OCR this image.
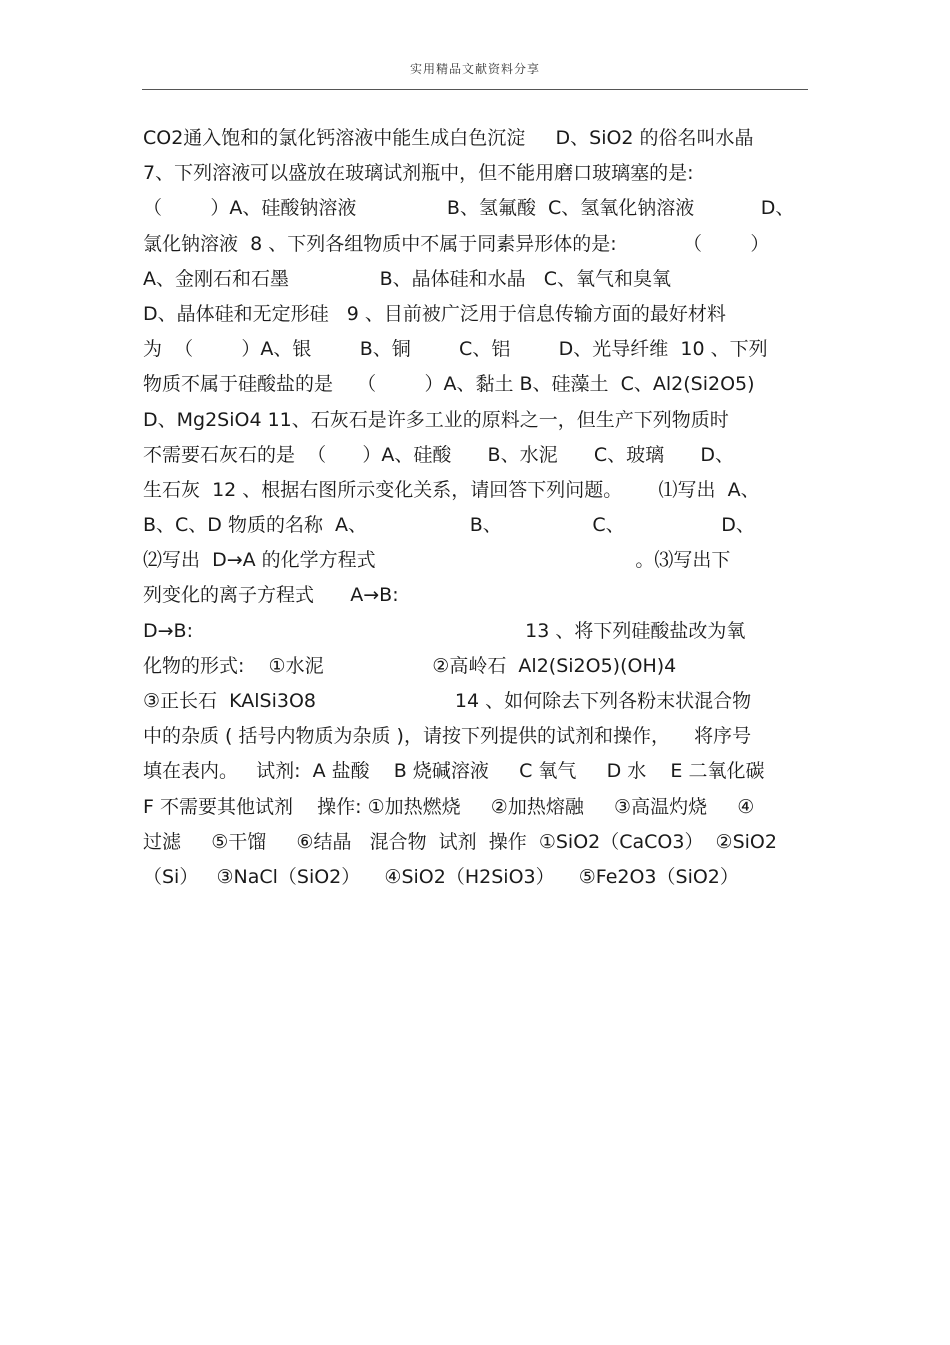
实用精品文献资料分享
CO2通入饱和的氯化钙溶液中能生成白色沉淀     D、SiO2 的俗名叫水晶
7、下列溶液可以盛放在玻璃试剂瓶中，但不能用磨口玻璃塞的是:
（        ）A、硅酸钠溶液               B、氢氟酸  C、氢氧化钠溶液           D、
氯化钠溶液  8 、下列各组物质中不属于同素异形体的是:           （        ）
A、金刚石和石墨               B、晶体硅和水晶   C、氧气和臭氧
D、晶体硅和无定形硅   9 、目前被广泛用于信息传输方面的最好材料
为  （        ）A、银        B、铜        C、铝        D、光导纤维  10 、下列
物质不属于硅酸盐的是    （        ）A、黏土 B、硅藻土  C、Al2(Si2O5)
D、Mg2SiO4 11、石灰石是许多工业的原料之一，但生产下列物质时
不需要石灰石的是  （      ）A、硅酸      B、水泥      C、玻璃      D、
生石灰  12 、根据右图所示变化关系，请回答下列问题。      ⑴写出  A、
B、C、D 物质的名称  A、                 B、               C、                D、
⑵写出  D→A 的化学方程式                                           。⑶写出下
列变化的离子方程式      A→B:
D→B:                                                       13 、将下列硅酸盐改为氧
化物的形式:    ①水泥                  ②高岭石  Al2(Si2O5)(OH)4
③正长石  KAlSi3O8                       14 、如何除去下列各粉末状混合物
中的杂质 ( 括号内物质为杂质 )，请按下列提供的试剂和操作，    将序号
填在表内。   试剂:  A 盐酸    B 烧碱溶液     C 氧气     D 水    E 二氧化碳
F 不需要其他试剂    操作: ①加热燃烧     ②加热熔融     ③高温灼烧     ④
过滤     ⑤干馏     ⑥结晶   混合物  试剂  操作  ①SiO2（CaCO3）  ②SiO2
（Si）   ③NaCl（SiO2）    ④SiO2（H2SiO3）    ⑤Fe2O3（SiO2）
